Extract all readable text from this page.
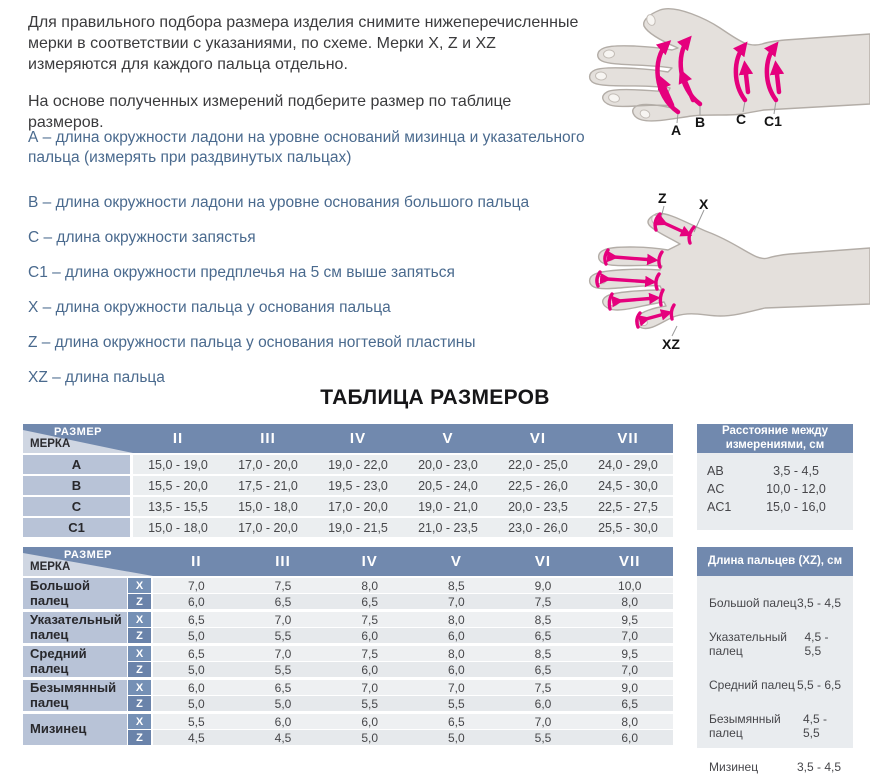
Для правильного подбора размера изделия снимите нижеперечисленные мерки в соответствии с указаниями, по схеме. Мерки X, Z и XZ измеряются для каждого пальца отдельно.

На основе полученных измерений подберите размер по таблице размеров.

А – длина окружности ладони на уровне оснований мизинца и указательного пальца (измерять при раздвинутых пальцах)

В – длина окружности ладони на уровне основания большого пальца

С – длина окружности запястья

С1 – длина окружности предплечья на 5 см выше запяться

X – длина окружности пальца у основания пальца

Z – длина окружности пальца у основания ногтевой пластины

XZ – длина пальца

A B C C1
Z X
XZ
ТАБЛИЦА РАЗМЕРОВ
РАЗМЕР
МЕРКА	II	III	IV	V	VI	VII
A	15,0 - 19,0	17,0 - 20,0	19,0 - 22,0	20,0 - 23,0	22,0 - 25,0	24,0 - 29,0
B	15,5 - 20,0	17,5 - 21,0	19,5 - 23,0	20,5 - 24,0	22,5 - 26,0	24,5 - 30,0
C	13,5 - 15,5	15,0 - 18,0	17,0 - 20,0	19,0 - 21,0	20,0 - 23,5	22,5 - 27,5
C1	15,0 - 18,0	17,0 - 20,0	19,0 - 21,5	21,0 - 23,5	23,0 - 26,0	25,5 - 30,0
Расстояние между измерениями, см
AB	3,5 - 4,5
AC	10,0 - 12,0
AC1	15,0 - 16,0
РАЗМЕР
МЕРКА	II	III	IV	V	VI	VII
Большой палец
X	7,0	7,5	8,0	8,5	9,0	10,0
Z	6,0	6,5	6,5	7,0	7,5	8,0
Указательный палец
X	6,5	7,0	7,5	8,0	8,5	9,5
Z	5,0	5,5	6,0	6,0	6,5	7,0
Средний палец
X	6,5	7,0	7,5	8,0	8,5	9,5
Z	5,0	5,5	6,0	6,0	6,5	7,0
Безымянный палец
X	6,0	6,5	7,0	7,0	7,5	9,0
Z	5,0	5,0	5,5	5,5	6,0	6,5
Мизинец	X	5,5	6,0	6,0	6,5	7,0	8,0
Z	4,5	4,5	5,0	5,0	5,5	6,0
Длина пальцев (XZ), см
Большой палец 3,5 - 4,5
Указательный палец
4,5 - 5,5
Средний палец 5,5 - 6,5
Безымянный палец
4,5 - 5,5
Мизинец	3,5 - 4,5
